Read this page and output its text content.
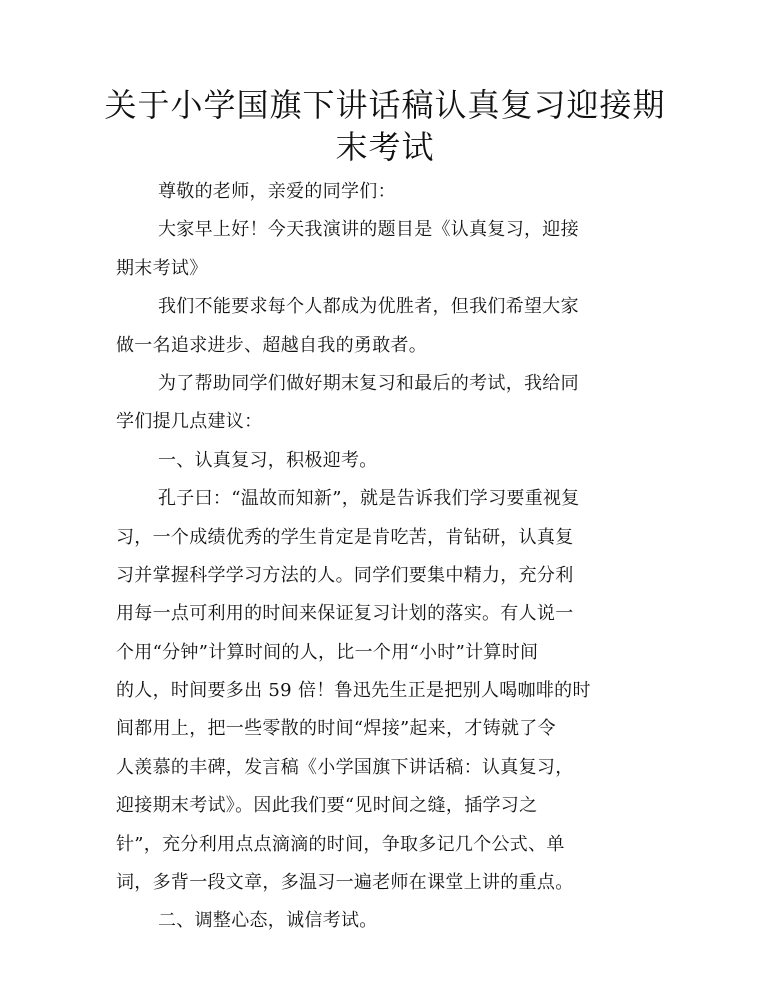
关于小学国旗下讲话稿认真复习迎接期
末考试
尊敬的老师，亲爱的同学们：
大家早上好！今天我演讲的题目是《认真复习，迎接
期末考试》
我们不能要求每个人都成为优胜者，但我们希望大家
做一名追求进步、超越自我的勇敢者。
为了帮助同学们做好期末复习和最后的考试，我给同
学们提几点建议：
一、认真复习，积极迎考。
孔子曰：“温故而知新”，就是告诉我们学习要重视复
习，一个成绩优秀的学生肯定是肯吃苦，肯钻研，认真复
习并掌握科学学习方法的人。同学们要集中精力，充分利
用每一点可利用的时间来保证复习计划的落实。有人说一
个用“分钟”计算时间的人，比一个用“小时”计算时间
的人，时间要多出 59 倍！鲁迅先生正是把别人喝咖啡的时
间都用上，把一些零散的时间“焊接”起来，才铸就了令
人羡慕的丰碑，发言稿《小学国旗下讲话稿：认真复习，
迎接期末考试》。因此我们要“见时间之缝，插学习之
针”，充分利用点点滴滴的时间，争取多记几个公式、单
词，多背一段文章，多温习一遍老师在课堂上讲的重点。
二、调整心态，诚信考试。
